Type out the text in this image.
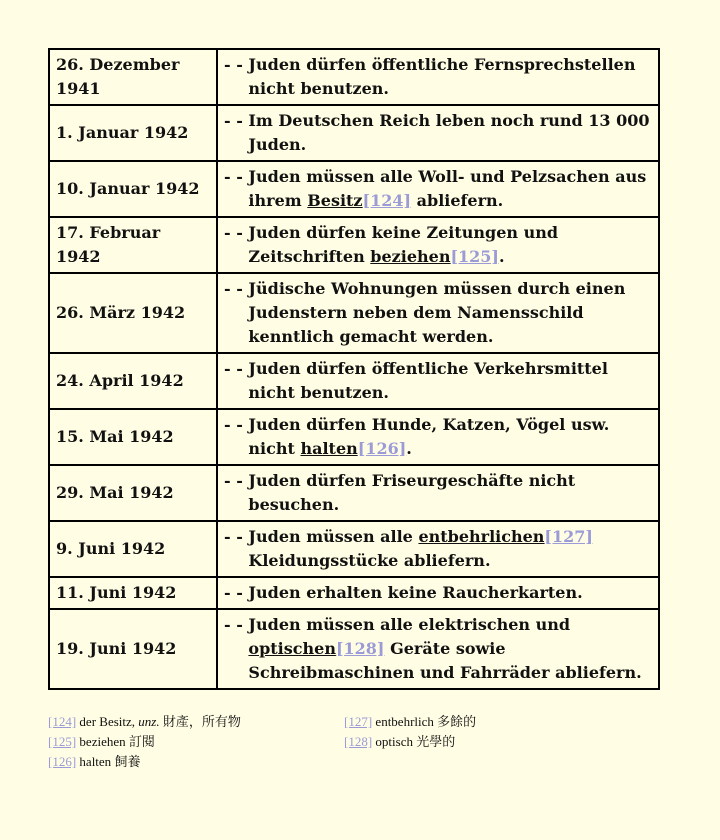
26. Dezember 1941	- - Juden dürfen öffentliche Fernsprechstellen nicht benutzen.

1. Januar 1942	- - Im Deutschen Reich leben noch rund 13 000 Juden.

10. Januar 1942	- - Juden müssen alle Woll- und Pelzsachen aus ihrem Besitz[124] abliefern.

17. Februar 1942	- - Juden dürfen keine Zeitungen und Zeitschriften beziehen[125].

26. März 1942	- - Jüdische Wohnungen müssen durch einen Judenstern neben dem Namensschild kenntlich gemacht werden.

24. April 1942	- - Juden dürfen öffentliche Verkehrsmittel nicht benutzen.

15. Mai 1942	- - Juden dürfen Hunde, Katzen, Vögel usw. nicht halten[126].

29. Mai 1942	- - Juden dürfen Friseurgeschäfte nicht besuchen.

9. Juni 1942	- - Juden müssen alle entbehrlichen[127] Kleidungsstücke abliefern.

11. Juni 1942	- - Juden erhalten keine Raucherkarten.

19. Juni 1942	- - Juden müssen alle elektrischen und optischen[128] Geräte sowie Schreibmaschinen und Fahrräder abliefern.
[124] der Besitz, unz. 財產，所有物
[125] beziehen 訂閱
[126] halten 飼養
[127] entbehrlich 多餘的
[128] optisch 光學的
